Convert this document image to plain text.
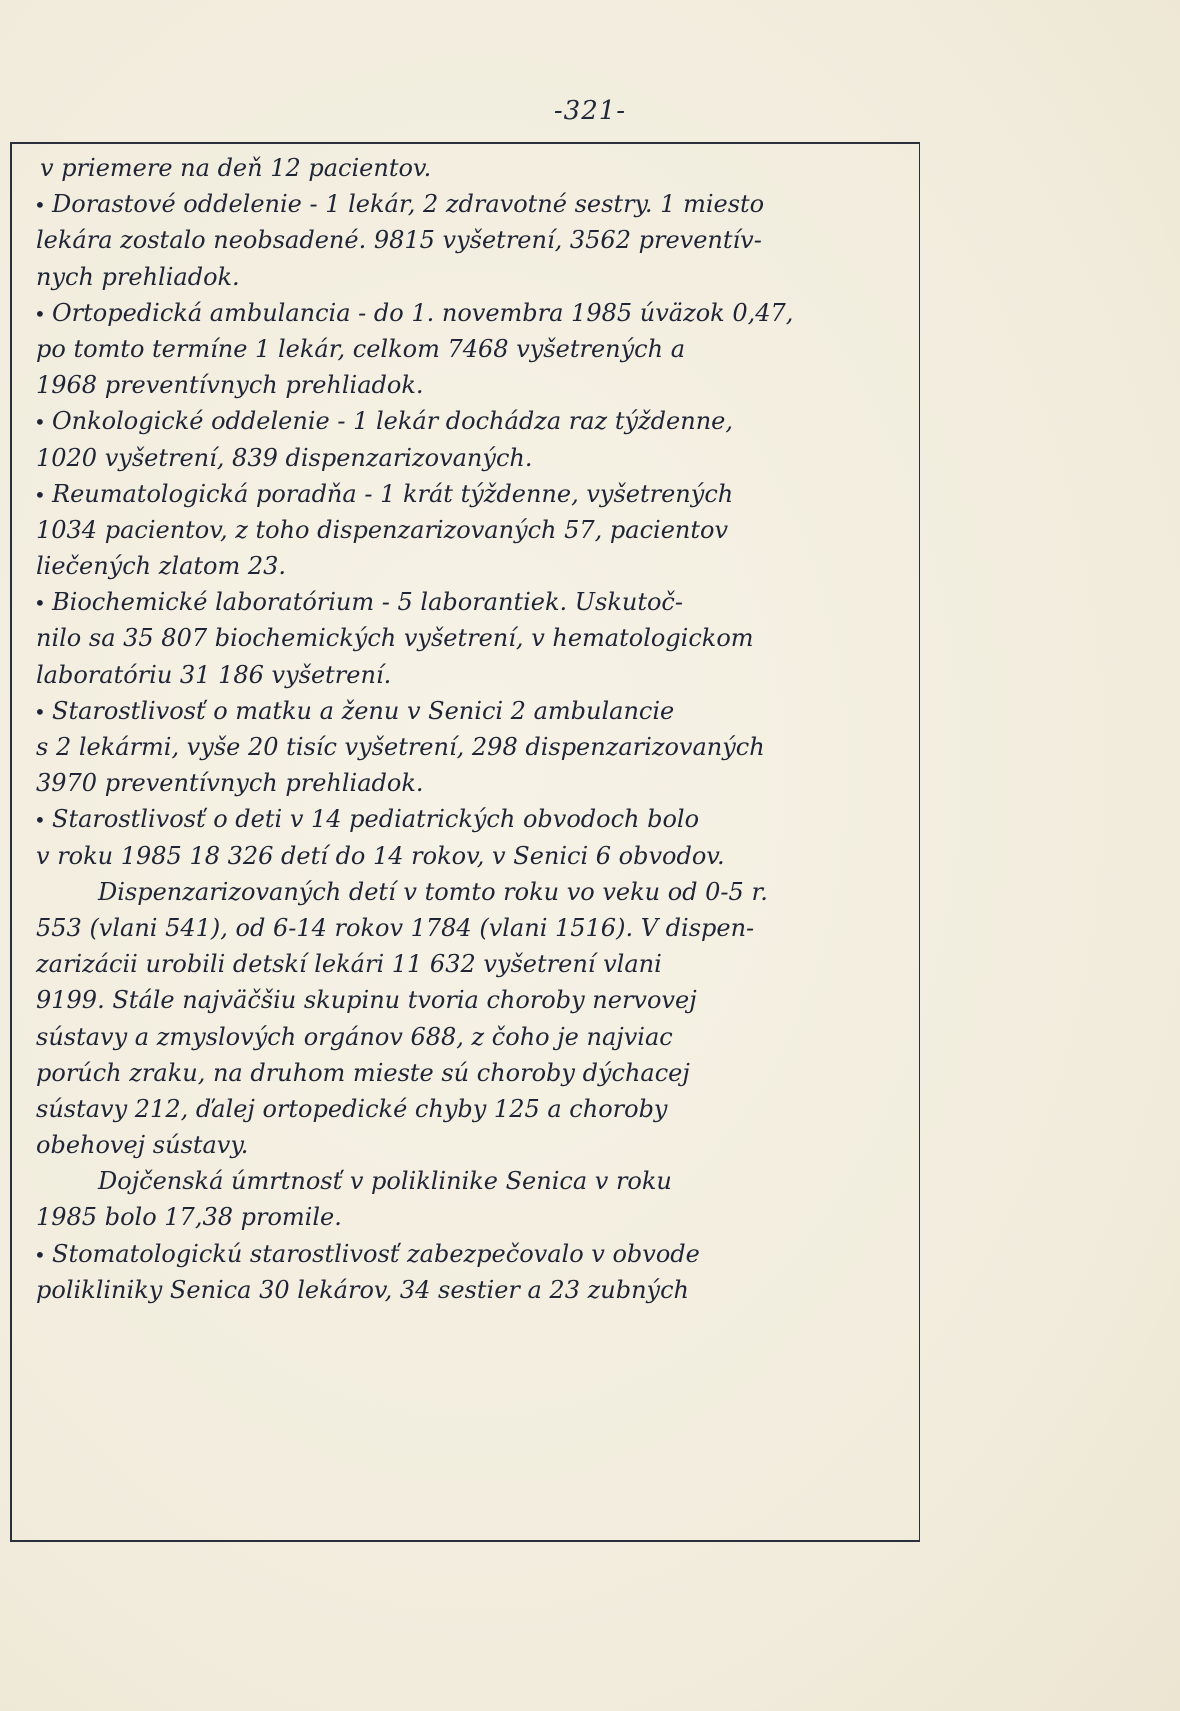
-321-
v priemere na deň 12 pacientov.
• Dorastové oddelenie - 1 lekár, 2 zdravotné sestry. 1 miesto
lekára zostalo neobsadené. 9815 vyšetrení, 3562 preventív-
nych prehliadok.
• Ortopedická ambulancia - do 1. novembra 1985 úväzok 0,47,
po tomto termíne 1 lekár, celkom 7468 vyšetrených a
1968 preventívnych prehliadok.
• Onkologické oddelenie - 1 lekár dochádza raz týždenne,
1020 vyšetrení, 839 dispenzarizovaných.
• Reumatologická poradňa - 1 krát týždenne, vyšetrených
1034 pacientov, z toho dispenzarizovaných 57, pacientov
liečených zlatom 23.
• Biochemické laboratórium - 5 laborantiek. Uskutoč-
nilo sa 35 807 biochemických vyšetrení, v hematologickom
laboratóriu 31 186 vyšetrení.
• Starostlivosť o matku a ženu v Senici 2 ambulancie
s 2 lekármi, vyše 20 tisíc vyšetrení, 298 dispenzarizovaných
3970 preventívnych prehliadok.
• Starostlivosť o deti v 14 pediatrických obvodoch bolo
v roku 1985 18 326 detí do 14 rokov, v Senici 6 obvodov.
Dispenzarizovaných detí v tomto roku vo veku od 0-5 r.
553 (vlani 541), od 6-14 rokov 1784 (vlani 1516). V dispen-
zarizácii urobili detskí lekári 11 632 vyšetrení vlani
9199. Stále najväčšiu skupinu tvoria choroby nervovej
sústavy a zmyslových orgánov 688, z čoho je najviac
porúch zraku, na druhom mieste sú choroby dýchacej
sústavy 212, ďalej ortopedické chyby 125 a choroby
obehovej sústavy.
Dojčenská úmrtnosť v poliklinike Senica v roku
1985 bolo 17,38 promile.
• Stomatologickú starostlivosť zabezpečovalo v obvode
polikliniky Senica 30 lekárov, 34 sestier a 23 zubných
